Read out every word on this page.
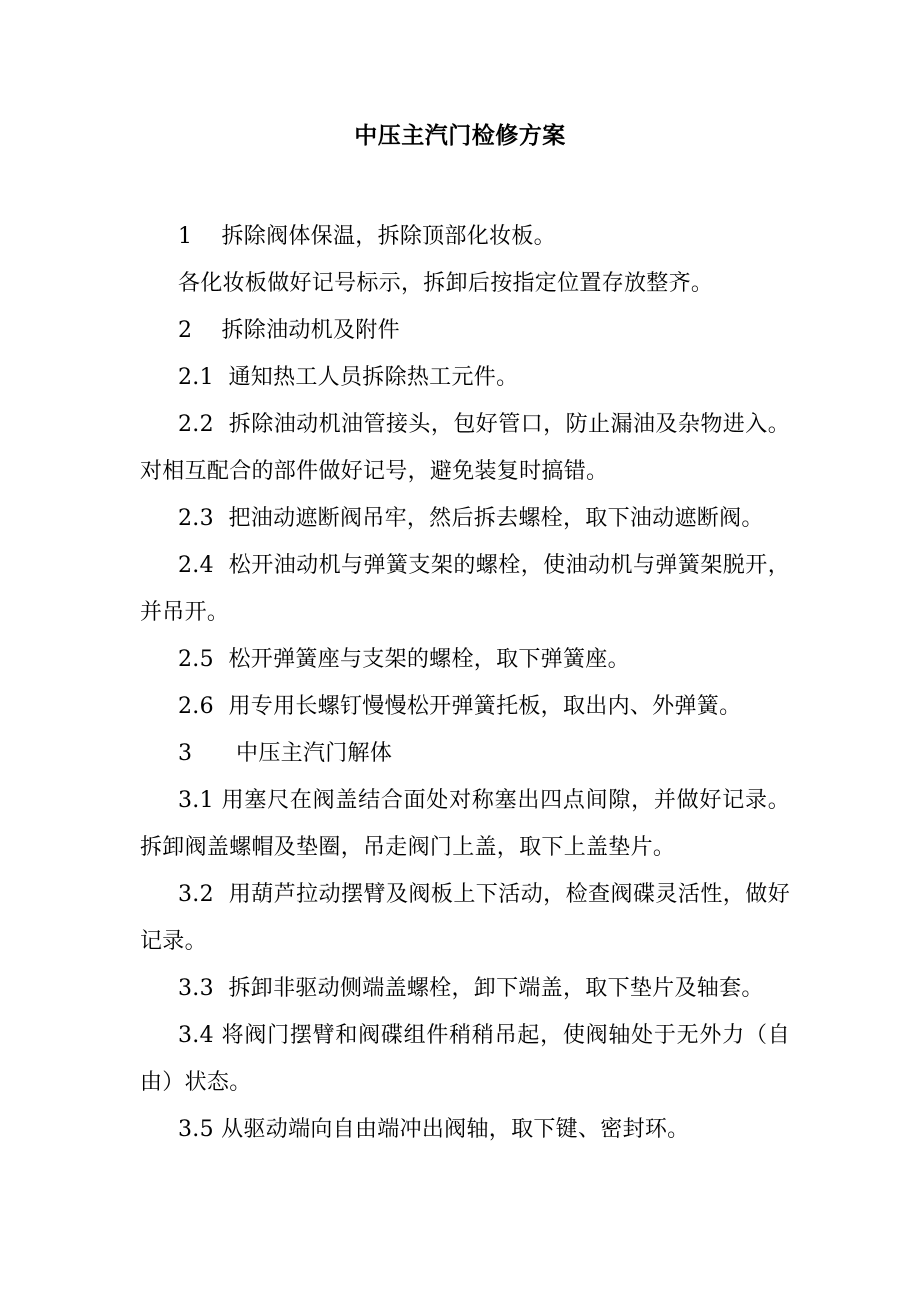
中压主汽门检修方案

1    拆除阀体保温，拆除顶部化妆板。

各化妆板做好记号标示，拆卸后按指定位置存放整齐。

2    拆除油动机及附件

2.1  通知热工人员拆除热工元件。

2.2  拆除油动机油管接头，包好管口，防止漏油及杂物进入。对相互配合的部件做好记号，避免装复时搞错。

2.3  把油动遮断阀吊牢，然后拆去螺栓，取下油动遮断阀。

2.4  松开油动机与弹簧支架的螺栓，使油动机与弹簧架脱开，并吊开。

2.5  松开弹簧座与支架的螺栓，取下弹簧座。

2.6  用专用长螺钉慢慢松开弹簧托板，取出内、外弹簧。

3      中压主汽门解体

3.1 用塞尺在阀盖结合面处对称塞出四点间隙，并做好记录。拆卸阀盖螺帽及垫圈，吊走阀门上盖，取下上盖垫片。

3.2  用葫芦拉动摆臂及阀板上下活动，检查阀碟灵活性，做好记录。

3.3  拆卸非驱动侧端盖螺栓，卸下端盖，取下垫片及轴套。

3.4 将阀门摆臂和阀碟组件稍稍吊起，使阀轴处于无外力（自由）状态。

3.5 从驱动端向自由端冲出阀轴，取下键、密封环。
